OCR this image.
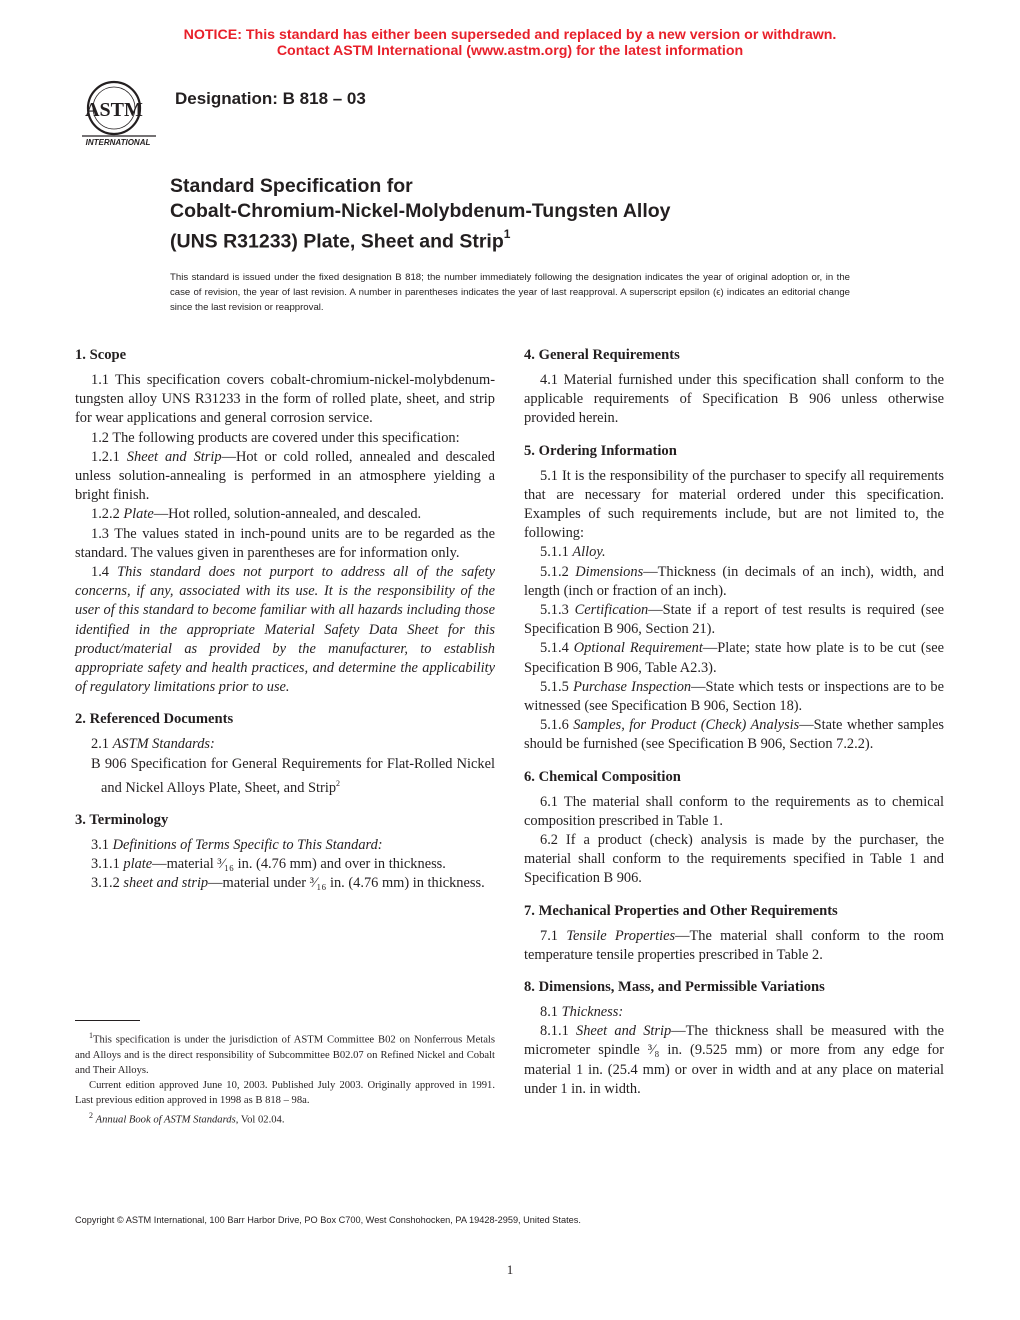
NOTICE: This standard has either been superseded and replaced by a new version or withdrawn.
Contact ASTM International (www.astm.org) for the latest information
ASTM
INTERNATIONAL
Designation: B 818 – 03
Standard Specification for
Cobalt-Chromium-Nickel-Molybdenum-Tungsten Alloy
(UNS R31233) Plate, Sheet and Strip$^1$
This standard is issued under the fixed designation B 818; the number immediately following the designation indicates the year of original adoption or, in the case of revision, the year of last revision. A number in parentheses indicates the year of last reapproval. A superscript epsilon (ϵ) indicates an editorial change since the last revision or reapproval.
1. Scope

1.1 This specification covers cobalt-chromium-nickel-molybdenum-tungsten alloy UNS R31233 in the form of rolled plate, sheet, and strip for wear applications and general corrosion service.

1.2 The following products are covered under this specification:

1.2.1 Sheet and Strip—Hot or cold rolled, annealed and descaled unless solution-annealing is performed in an atmosphere yielding a bright finish.

1.2.2 Plate—Hot rolled, solution-annealed, and descaled.

1.3 The values stated in inch-pound units are to be regarded as the standard. The values given in parentheses are for information only.

1.4 This standard does not purport to address all of the safety concerns, if any, associated with its use. It is the responsibility of the user of this standard to become familiar with all hazards including those identified in the appropriate Material Safety Data Sheet for this product/material as provided by the manufacturer, to establish appropriate safety and health practices, and determine the applicability of regulatory limitations prior to use.

2. Referenced Documents

2.1 ASTM Standards:

B 906 Specification for General Requirements for Flat-Rolled Nickel and Nickel Alloys Plate, Sheet, and Strip$^2$

3. Terminology

3.1 Definitions of Terms Specific to This Standard:

3.1.1 plate—material ³⁄₁₆ in. (4.76 mm) and over in thickness.

3.1.2 sheet and strip—material under ³⁄₁₆ in. (4.76 mm) in thickness.

$^1$This specification is under the jurisdiction of ASTM Committee B02 on Nonferrous Metals and Alloys and is the direct responsibility of Subcommittee B02.07 on Refined Nickel and Cobalt and Their Alloys.

Current edition approved June 10, 2003. Published July 2003. Originally approved in 1991. Last previous edition approved in 1998 as B 818 – 98a.

$^2$ Annual Book of ASTM Standards, Vol 02.04.

4. General Requirements

4.1 Material furnished under this specification shall conform to the applicable requirements of Specification B 906 unless otherwise provided herein.

5. Ordering Information

5.1 It is the responsibility of the purchaser to specify all requirements that are necessary for material ordered under this specification. Examples of such requirements include, but are not limited to, the following:

5.1.1 Alloy.

5.1.2 Dimensions—Thickness (in decimals of an inch), width, and length (inch or fraction of an inch).

5.1.3 Certification—State if a report of test results is required (see Specification B 906, Section 21).

5.1.4 Optional Requirement—Plate; state how plate is to be cut (see Specification B 906, Table A2.3).

5.1.5 Purchase Inspection—State which tests or inspections are to be witnessed (see Specification B 906, Section 18).

5.1.6 Samples, for Product (Check) Analysis—State whether samples should be furnished (see Specification B 906, Section 7.2.2).

6. Chemical Composition

6.1 The material shall conform to the requirements as to chemical composition prescribed in Table 1.

6.2 If a product (check) analysis is made by the purchaser, the material shall conform to the requirements specified in Table 1 and Specification B 906.

7. Mechanical Properties and Other Requirements

7.1 Tensile Properties—The material shall conform to the room temperature tensile properties prescribed in Table 2.

8. Dimensions, Mass, and Permissible Variations

8.1 Thickness:

8.1.1 Sheet and Strip—The thickness shall be measured with the micrometer spindle ³⁄₈ in. (9.525 mm) or more from any edge for material 1 in. (25.4 mm) or over in width and at any place on material under 1 in. in width.

Copyright © ASTM International, 100 Barr Harbor Drive, PO Box C700, West Conshohocken, PA 19428-2959, United States.
1
